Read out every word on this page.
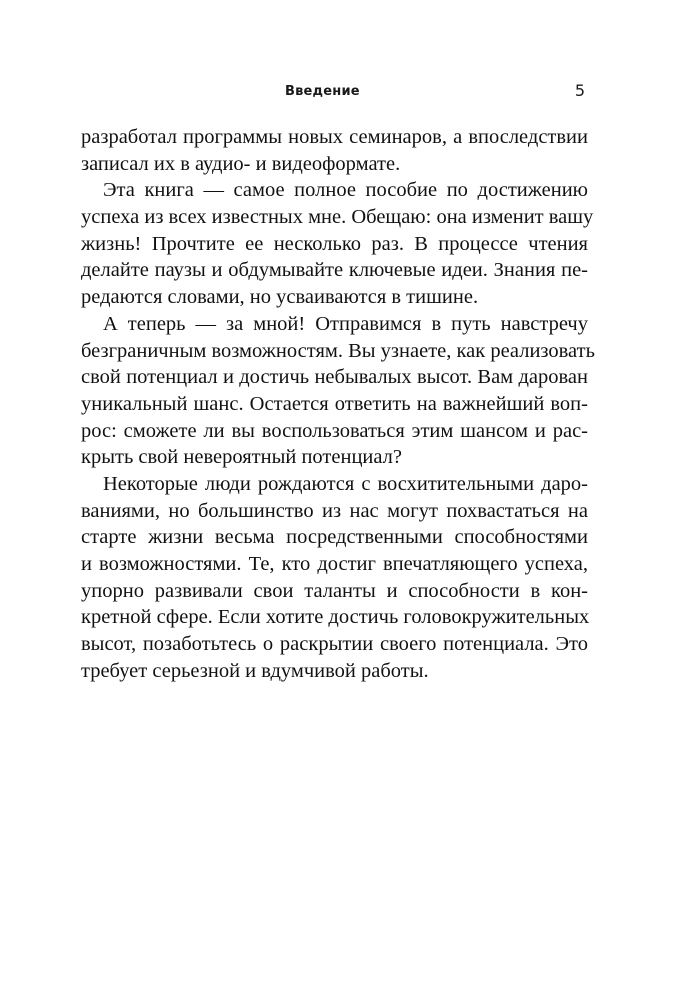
Введение	5
разработал программы новых семинаров, а впоследствии
записал их в аудио- и видеоформате.
Эта книга — самое полное пособие по достижению
успеха из всех известных мне. Обещаю: она изменит вашу
жизнь! Прочтите ее несколько раз. В процессе чтения
делайте паузы и обдумывайте ключевые идеи. Знания пе-
редаются словами, но усваиваются в тишине.
А теперь — за мной! Отправимся в путь навстречу
безграничным возможностям. Вы узнаете, как реализовать
свой потенциал и достичь небывалых высот. Вам дарован
уникальный шанс. Остается ответить на важнейший воп-
рос: сможете ли вы воспользоваться этим шансом и рас-
крыть свой невероятный потенциал?
Некоторые люди рождаются с восхитительными даро-
ваниями, но большинство из нас могут похвастаться на
старте жизни весьма посредственными способностями
и возможностями. Те, кто достиг впечатляющего успеха,
упорно развивали свои таланты и способности в кон-
кретной сфере. Если хотите достичь головокружительных
высот, позаботьтесь о раскрытии своего потенциала. Это
требует серьезной и вдумчивой работы.
